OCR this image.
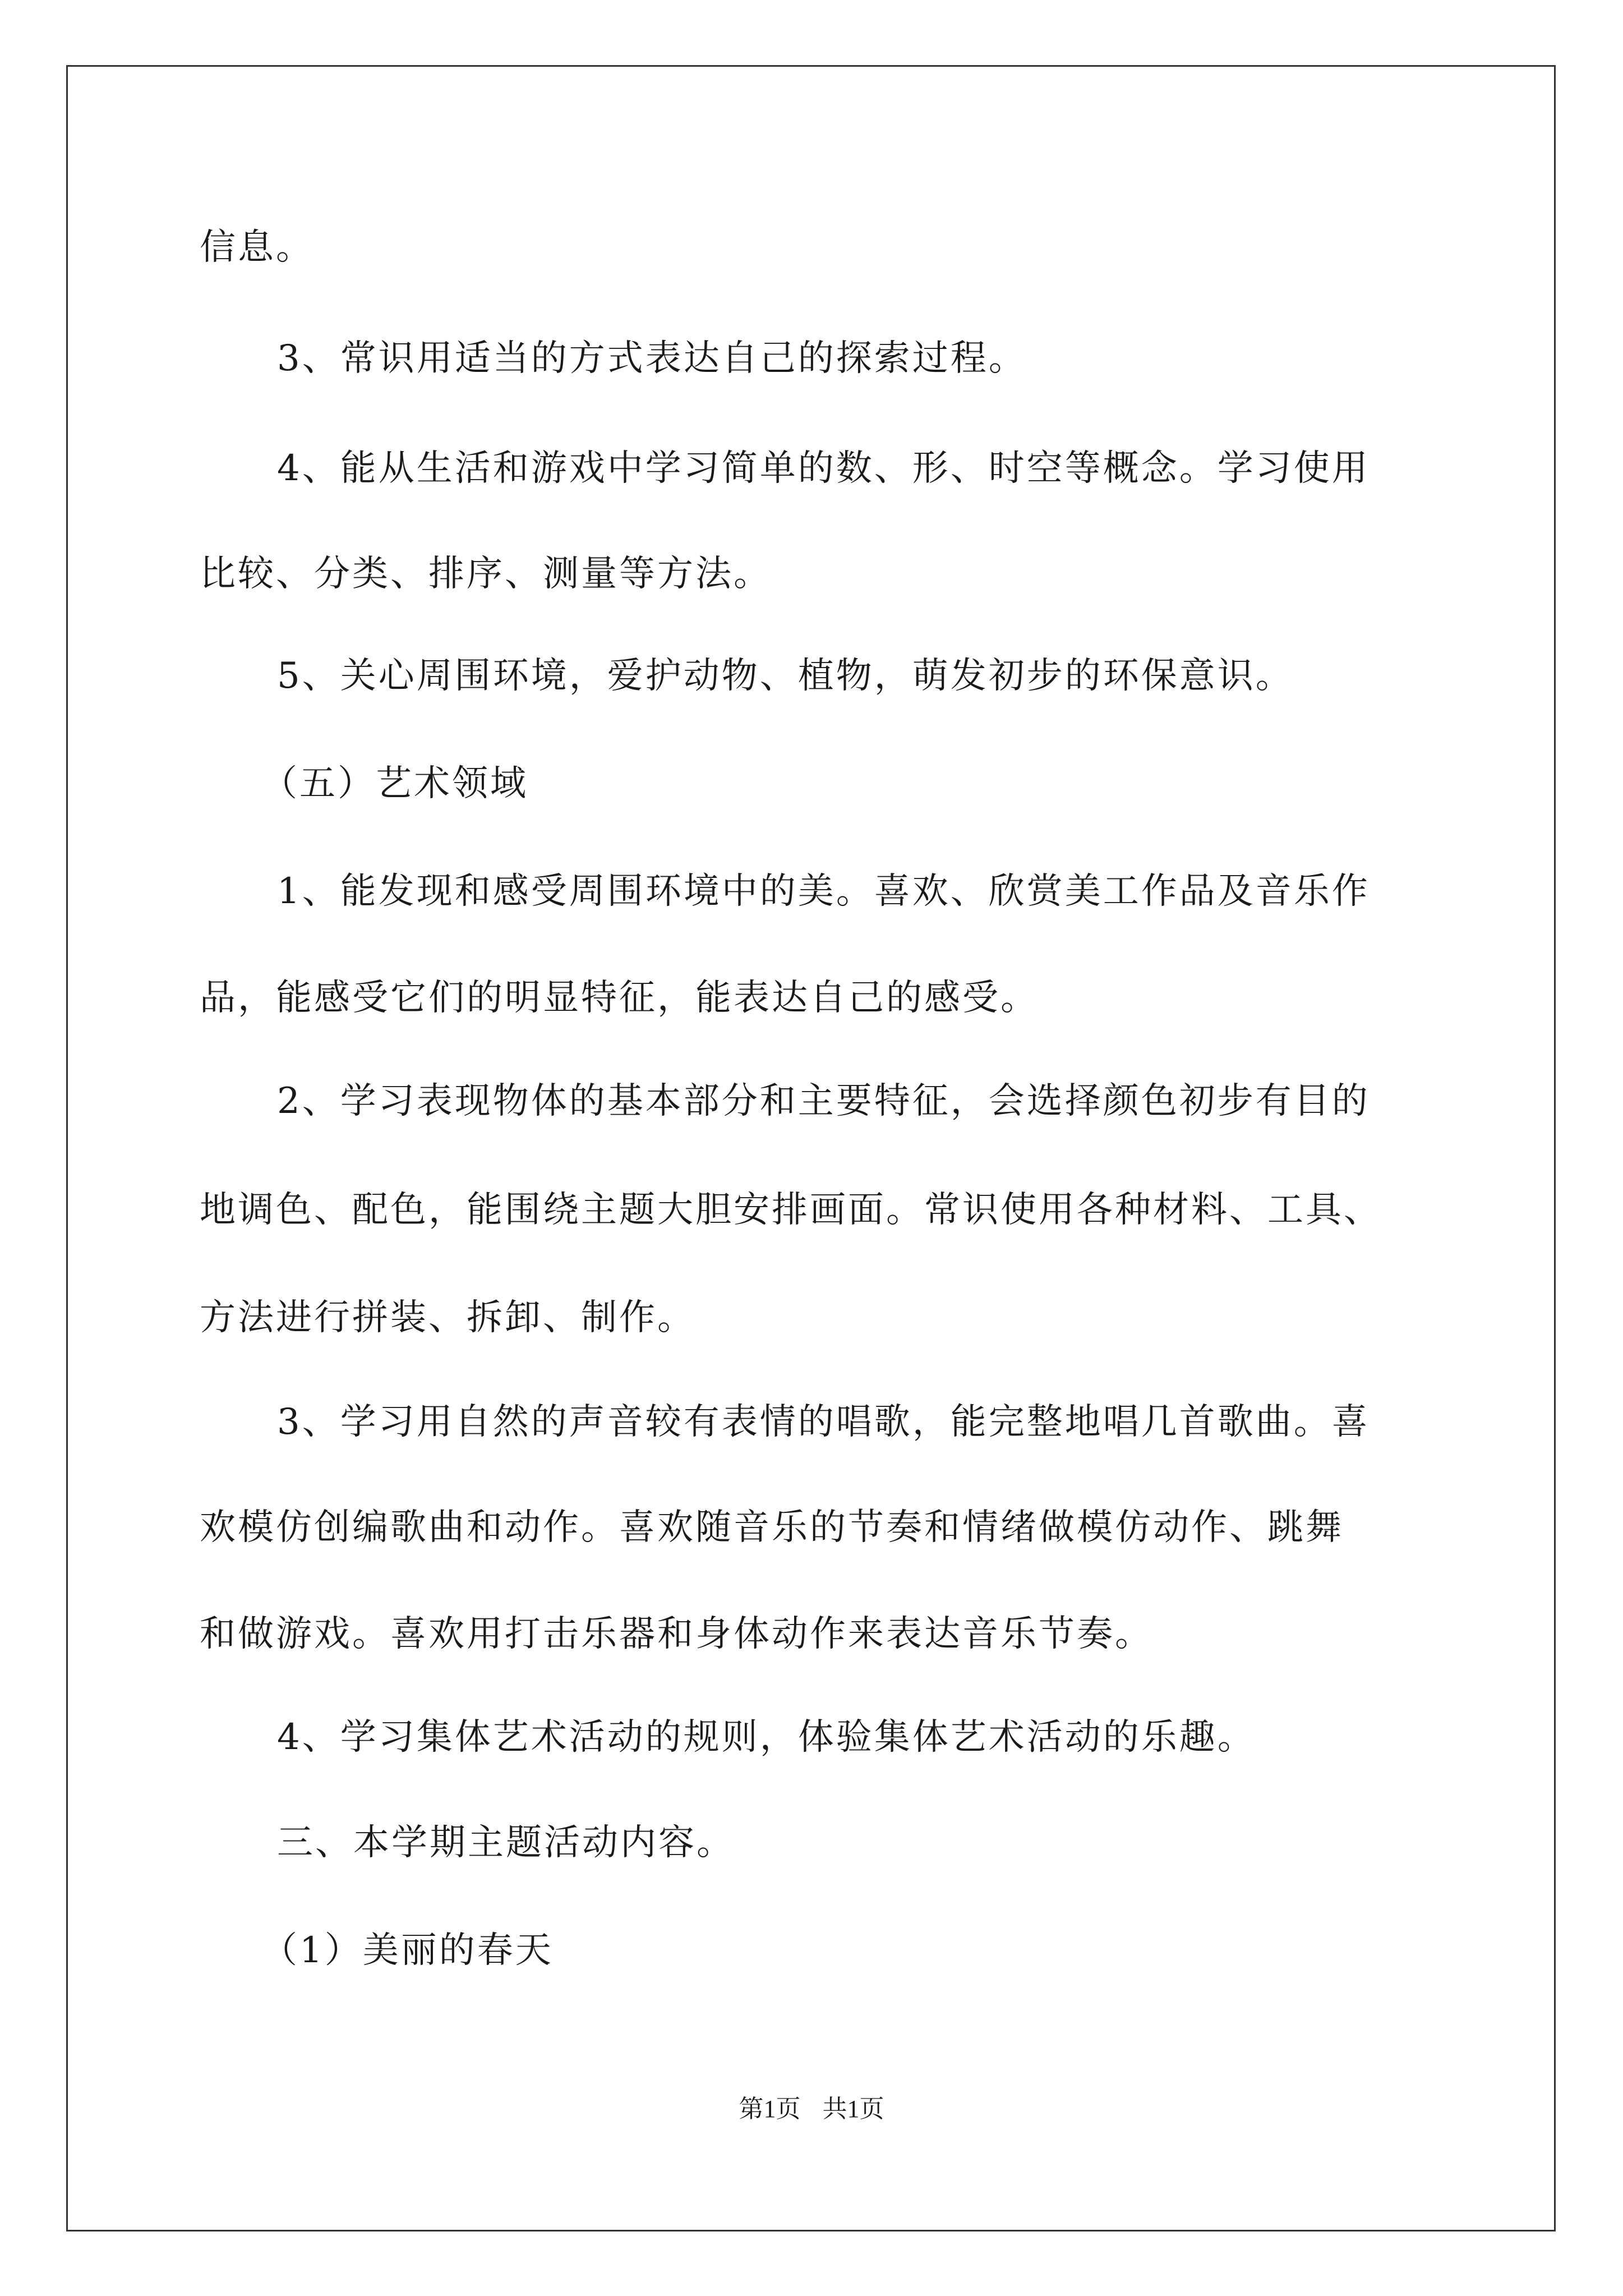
信息。
3、常识用适当的方式表达自己的探索过程。
4、能从生活和游戏中学习简单的数、形、时空等概念。学习使用
比较、分类、排序、测量等方法。
5、关心周围环境，爱护动物、植物，萌发初步的环保意识。
（五）艺术领域
1、能发现和感受周围环境中的美。喜欢、欣赏美工作品及音乐作
品，能感受它们的明显特征，能表达自己的感受。
2、学习表现物体的基本部分和主要特征，会选择颜色初步有目的
地调色、配色，能围绕主题大胆安排画面。常识使用各种材料、工具、
方法进行拼装、拆卸、制作。
3、学习用自然的声音较有表情的唱歌，能完整地唱几首歌曲。喜
欢模仿创编歌曲和动作。喜欢随音乐的节奏和情绪做模仿动作、跳舞
和做游戏。喜欢用打击乐器和身体动作来表达音乐节奏。
4、学习集体艺术活动的规则，体验集体艺术活动的乐趣。
三、本学期主题活动内容。
（1）美丽的春天
第1页 共1页
